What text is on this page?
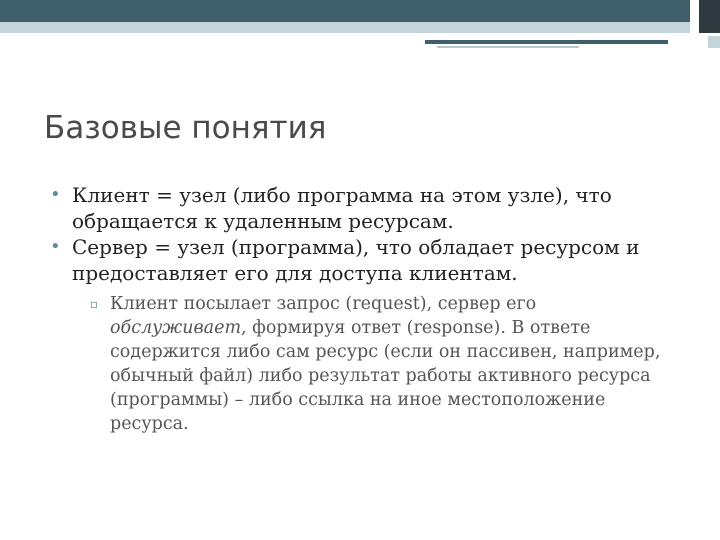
Базовые понятия
• Клиент = узел (либо программа на этом узле), что обращается к удаленным ресурсам.
• Сервер = узел (программа), что обладает ресурсом и предоставляет его для доступа клиентам.
▫ Клиент посылает запрос (request), сервер его обслуживает, формируя ответ (response). В ответе содержится либо сам ресурс (если он пассивен, например, обычный файл) либо результат работы активного ресурса (программы) – либо ссылка на иное местоположение ресурса.
